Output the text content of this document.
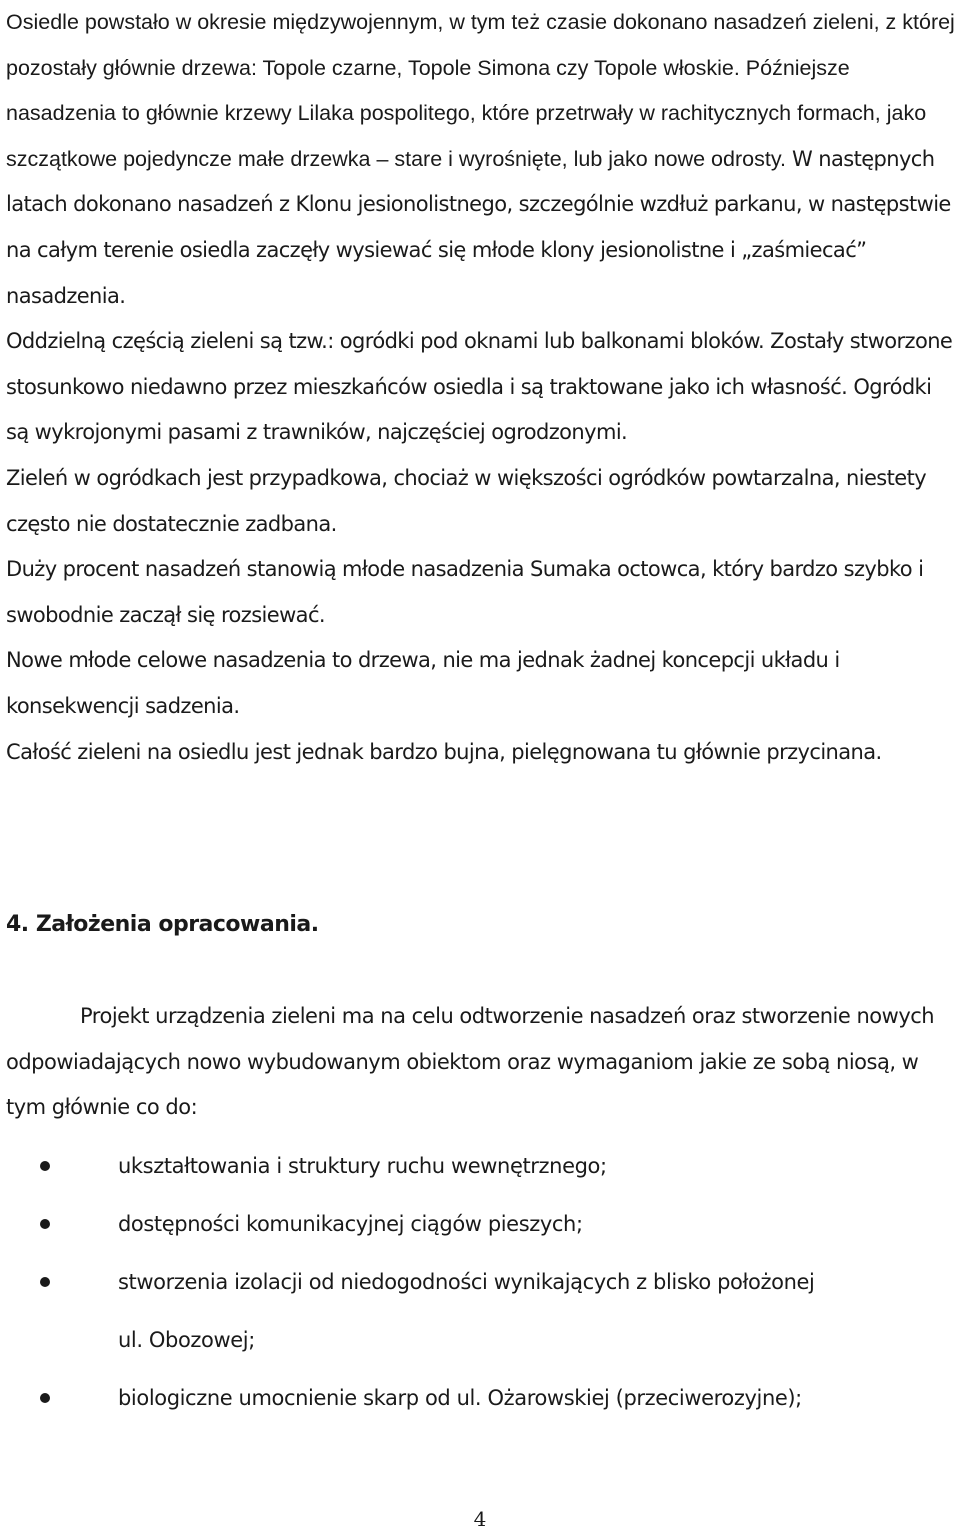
Osiedle powstało w okresie międzywojennym, w tym też czasie dokonano nasadzeń zieleni, z której pozostały głównie drzewa: Topole czarne, Topole Simona czy Topole włoskie. Późniejsze nasadzenia to głównie krzewy Lilaka pospolitego, które przetrwały w rachitycznych formach, jako szczątkowe pojedyncze małe drzewka – stare i wyrośnięte, lub jako nowe odrosty. W następnych latach dokonano nasadzeń z Klonu jesionolistnego, szczególnie wzdłuż parkanu, w następstwie na całym terenie osiedla zaczęły wysiewać się młode klony jesionolistne i „zaśmiecać” nasadzenia.

Oddzielną częścią zieleni są tzw.: ogródki pod oknami lub balkonami bloków. Zostały stworzone stosunkowo niedawno przez mieszkańców osiedla i są traktowane jako ich własność. Ogródki są wykrojonymi pasami z trawników, najczęściej ogrodzonymi.

Zieleń w ogródkach jest przypadkowa, chociaż w większości ogródków powtarzalna, niestety często nie dostatecznie zadbana.

Duży procent nasadzeń stanowią młode nasadzenia Sumaka octowca, który bardzo szybko i swobodnie zaczął się rozsiewać.

Nowe młode celowe nasadzenia to drzewa, nie ma jednak żadnej koncepcji układu i konsekwencji sadzenia.

Całość zieleni na osiedlu jest jednak bardzo bujna, pielęgnowana tu głównie przycinana.

4. Założenia opracowania.

Projekt urządzenia zieleni ma na celu odtworzenie nasadzeń oraz stworzenie nowych odpowiadających nowo wybudowanym obiektom oraz wymaganiom jakie ze sobą niosą, w tym głównie co do:

ukształtowania i struktury ruchu wewnętrznego;
dostępności komunikacyjnej ciągów pieszych;
stworzenia izolacji od niedogodności wynikających z blisko położonej
ul. Obozowej;
biologiczne umocnienie skarp od ul. Ożarowskiej (przeciwerozyjne);
4
